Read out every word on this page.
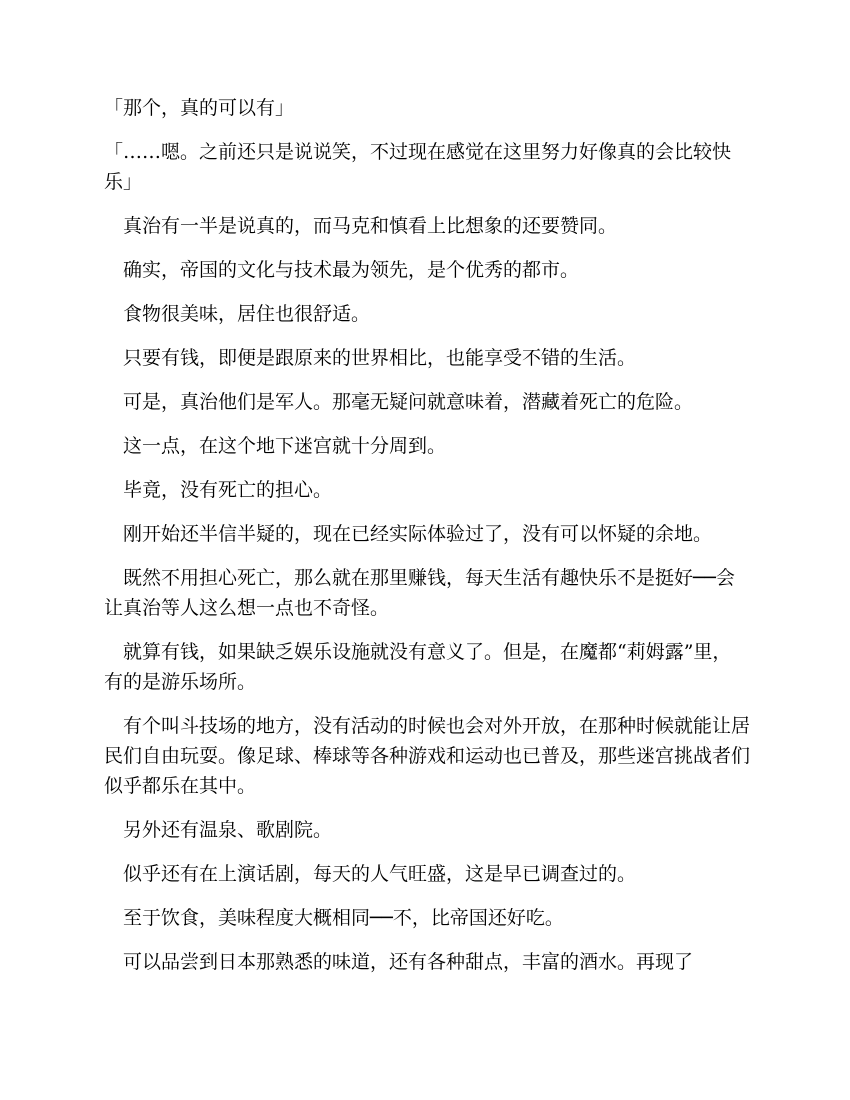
「那个，真的可以有」

「……嗯。之前还只是说说笑，不过现在感觉在这里努力好像真的会比较快乐」

　真治有一半是说真的，而马克和慎看上比想象的还要赞同。

　确实，帝国的文化与技术最为领先，是个优秀的都市。

　食物很美味，居住也很舒适。

　只要有钱，即便是跟原来的世界相比，也能享受不错的生活。

　可是，真治他们是军人。那毫无疑问就意味着，潜藏着死亡的危险。

　这一点，在这个地下迷宫就十分周到。

　毕竟，没有死亡的担心。

　刚开始还半信半疑的，现在已经实际体验过了，没有可以怀疑的余地。

　既然不用担心死亡，那么就在那里赚钱，每天生活有趣快乐不是挺好──会让真治等人这么想一点也不奇怪。

　就算有钱，如果缺乏娱乐设施就没有意义了。但是，在魔都“莉姆露”里，有的是游乐场所。

　有个叫斗技场的地方，没有活动的时候也会对外开放，在那种时候就能让居民们自由玩耍。像足球、棒球等各种游戏和运动也已普及，那些迷宫挑战者们似乎都乐在其中。

　另外还有温泉、歌剧院。

　似乎还有在上演话剧，每天的人气旺盛，这是早已调查过的。

　至于饮食，美味程度大概相同──不，比帝国还好吃。

　可以品尝到日本那熟悉的味道，还有各种甜点，丰富的酒水。再现了
